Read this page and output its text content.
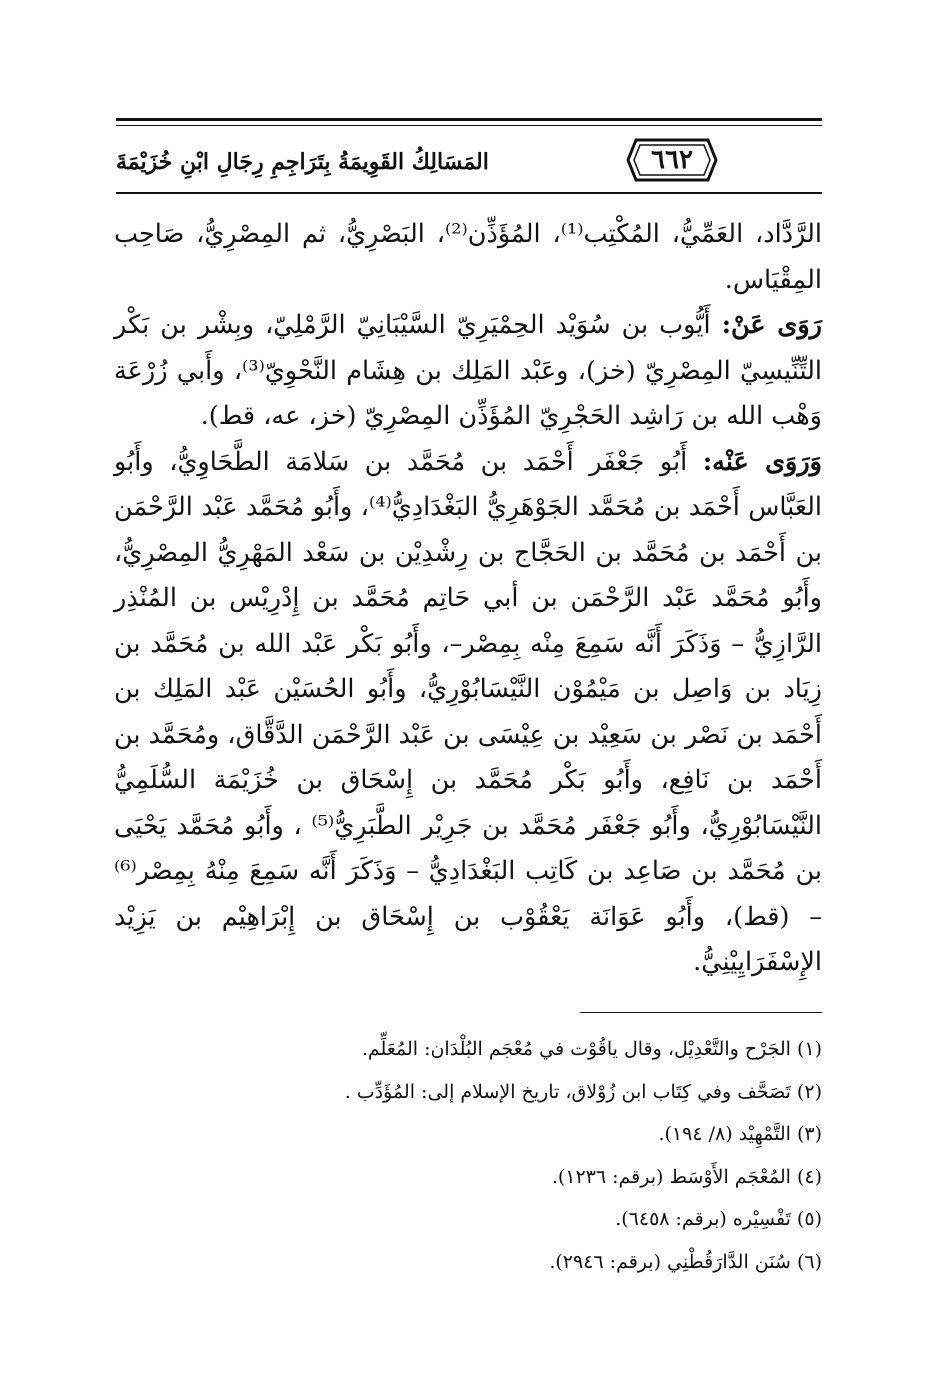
٦٦٢
المَسَالِكُ القَوِيمَةُ بِتَرَاجِمِ رِجَالِ ابْنِ خُزَيْمَةَ

الرَّدَّاد، العَمِّيُّ، المُكْتِب⁽¹⁾، المُؤَذِّن⁽²⁾، البَصْرِيُّ، ثم المِصْرِيُّ، صَاحِب المِقْيَاس.

رَوَى عَنْ: أَيُّوب بن سُوَيْد الحِمْيَرِيّ السَّيْبَانِيّ الرَّمْلِيّ، وبِشْر بن بَكْر التِّنِّيسِيّ المِصْرِيّ (خز)، وعَبْد المَلِك بن هِشَام النَّحْوِيّ⁽³⁾، وأَبي زُرْعَة وَهْب الله بن رَاشِد الحَجْرِيّ المُؤَذِّن المِصْرِيّ (خز، عه، قط).

وَرَوَى عَنْه: أَبُو جَعْفَر أَحْمَد بن مُحَمَّد بن سَلامَة الطَّحَاوِيُّ، وأَبُو العَبَّاس أَحْمَد بن مُحَمَّد الجَوْهَرِيُّ البَغْدَادِيُّ⁽⁴⁾، وأَبُو مُحَمَّد عَبْد الرَّحْمَن بن أَحْمَد بن مُحَمَّد بن الحَجَّاج بن رِشْدِيْن بن سَعْد المَهْرِيُّ المِصْرِيُّ، وأَبُو مُحَمَّد عَبْد الرَّحْمَن بن أبي حَاتِم مُحَمَّد بن إِدْرِيْس بن المُنْذِر الرَّازِيُّ – وَذَكَرَ أَنَّه سَمِعَ مِنْه بِمِصْر–، وأَبُو بَكْر عَبْد الله بن مُحَمَّد بن زِيَاد بن وَاصِل بن مَيْمُوْن النَّيْسَابُوْرِيُّ، وأَبُو الحُسَيْن عَبْد المَلِك بن أَحْمَد بن نَصْر بن سَعِيْد بن عِيْسَى بن عَبْد الرَّحْمَن الدَّقَّاق، ومُحَمَّد بن أَحْمَد بن نَافِع، وأَبُو بَكْر مُحَمَّد بن إِسْحَاق بن خُزَيْمَة السُّلَمِيُّ النَّيْسَابُوْرِيُّ، وأَبُو جَعْفَر مُحَمَّد بن جَرِيْر الطَّبَرِيُّ⁽⁵⁾ ، وأَبُو مُحَمَّد يَحْيَى بن مُحَمَّد بن صَاعِد بن كَاتِب البَغْدَادِيُّ – وَذَكَرَ أَنَّه سَمِعَ مِنْهُ بِمِصْر⁽⁶⁾ – (قط)، وأَبُو عَوَانَة يَعْقُوْب بن إِسْحَاق بن إِبْرَاهِيْم بن يَزِيْد الإِسْفَرَايِيْنِيُّ.

(١) الجَرْح والتَّعْدِيْل، وقال ياقُوْت في مُعْجَم البُلْدَان: المُعَلِّم.
(٢) تَصَحَّف وفي كِتَاب ابن زُوْلاق، تاريخ الإسلام إلى: المُؤَدِّب .
(٣) التَّمْهِيْد (٨/ ١٩٤).
(٤) المُعْجَم الأَوْسَط (برقم: ١٢٣٦).
(٥) تَفْسِيْره (برقم: ٦٤٥٨).
(٦) سُنَن الدَّارَقُطْنِي (برقم: ٢٩٤٦).
